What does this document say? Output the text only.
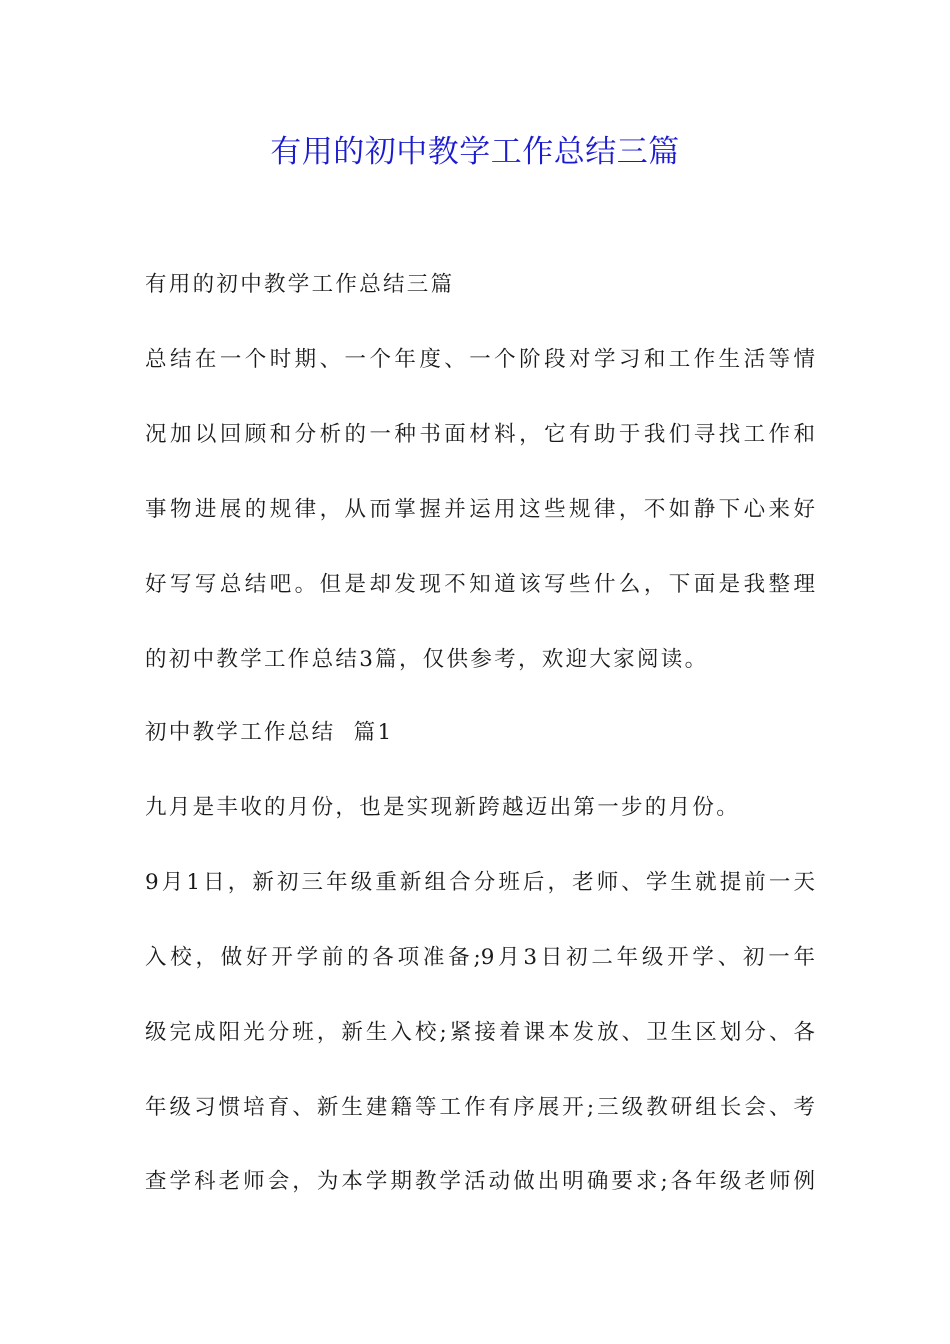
有用的初中教学工作总结三篇

有用的初中教学工作总结三篇

总结在一个时期、一个年度、一个阶段对学习和工作生活等情

况加以回顾和分析的一种书面材料，它有助于我们寻找工作和

事物进展的规律，从而掌握并运用这些规律，不如静下心来好

好写写总结吧。但是却发现不知道该写些什么，下面是我整理

的初中教学工作总结3篇，仅供参考，欢迎大家阅读。

初中教学工作总结  篇1

九月是丰收的月份，也是实现新跨越迈出第一步的月份。

9月1日，新初三年级重新组合分班后，老师、学生就提前一天

入校，做好开学前的各项准备;9月3日初二年级开学、初一年

级完成阳光分班，新生入校;紧接着课本发放、卫生区划分、各

年级习惯培育、新生建籍等工作有序展开;三级教研组长会、考

查学科老师会，为本学期教学活动做出明确要求;各年级老师例
